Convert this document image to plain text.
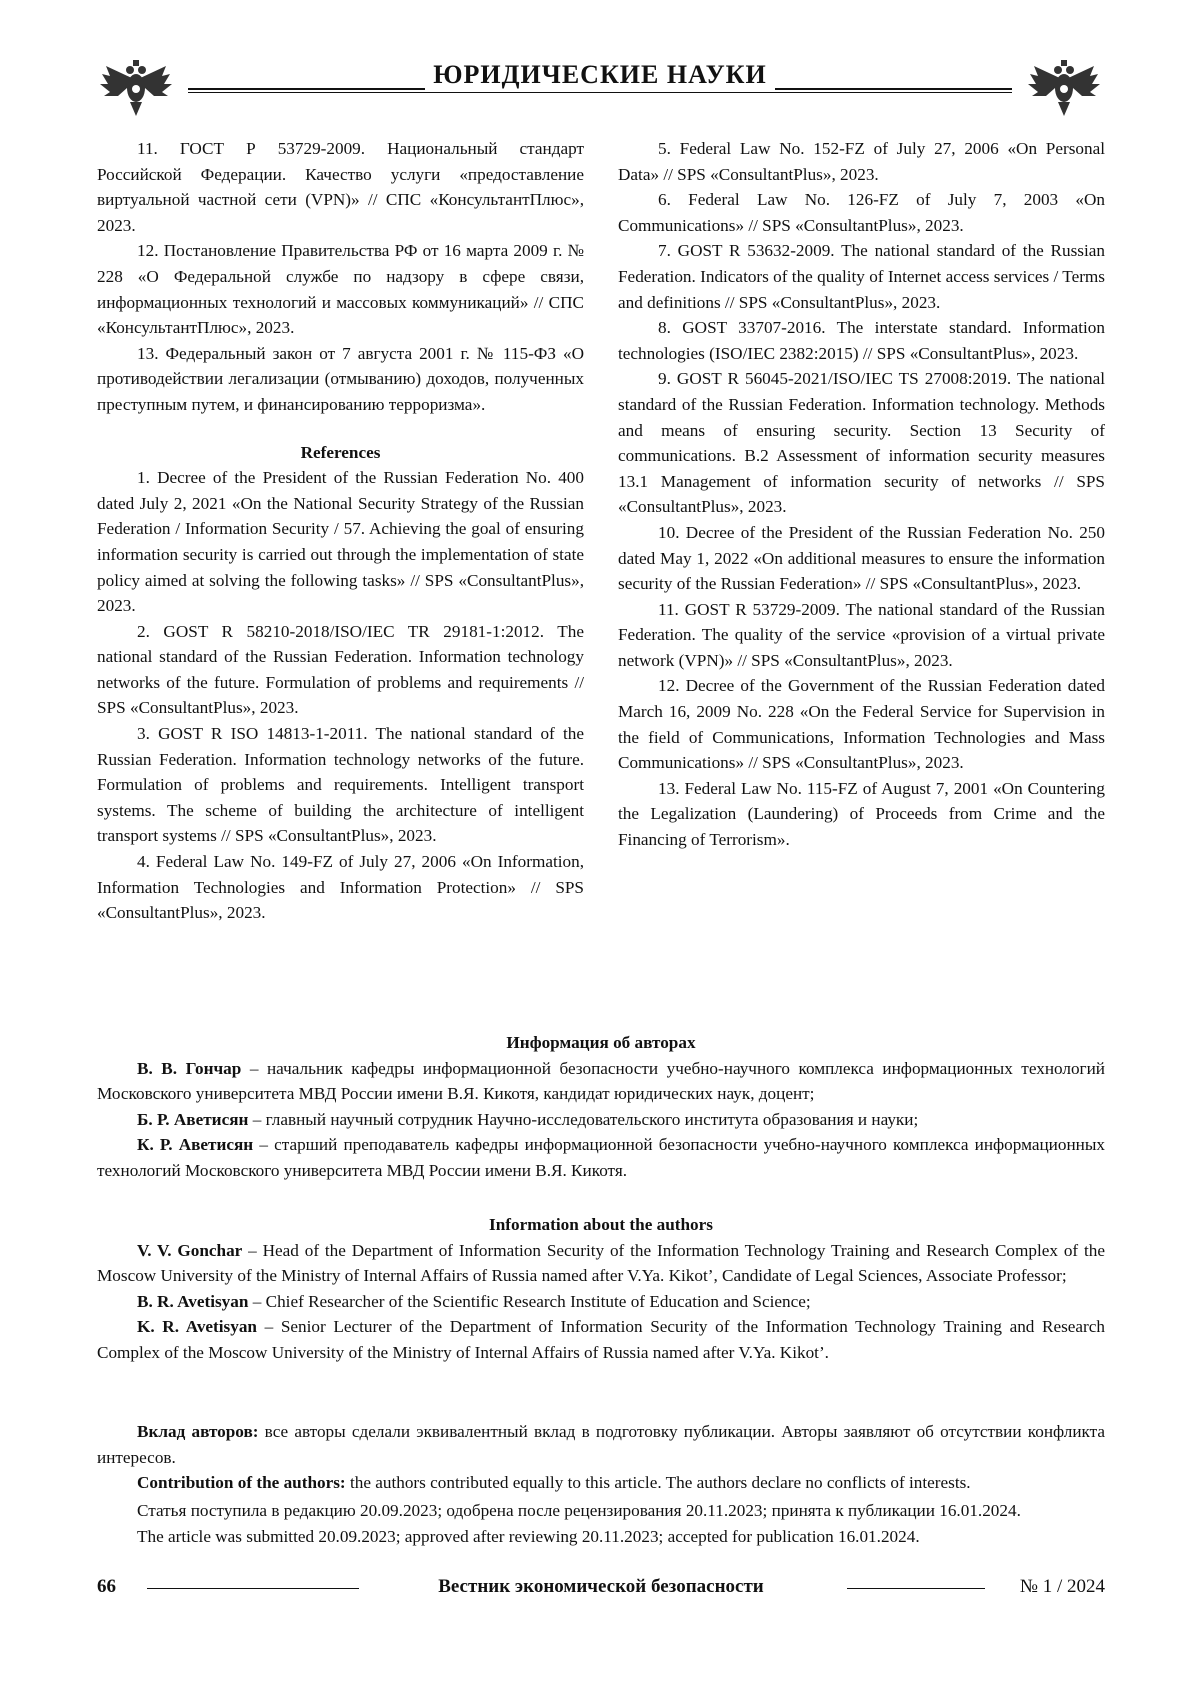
ЮРИДИЧЕСКИЕ НАУКИ

11. ГОСТ Р 53729-2009. Национальный стандарт Российской Федерации. Качество услуги «предоставление виртуальной частной сети (VPN)» // СПС «КонсультантПлюс», 2023.

12. Постановление Правительства РФ от 16 марта 2009 г. № 228 «О Федеральной службе по надзору в сфере связи, информационных технологий и массовых коммуникаций» // СПС «КонсультантПлюс», 2023.

13. Федеральный закон от 7 августа 2001 г. № 115-ФЗ «О противодействии легализации (отмыванию) доходов, полученных преступным путем, и финансированию терроризма».

References

1. Decree of the President of the Russian Federation No. 400 dated July 2, 2021 «On the National Security Strategy of the Russian Federation / Information Security / 57. Achieving the goal of ensuring information security is carried out through the implementation of state policy aimed at solving the following tasks» // SPS «ConsultantPlus», 2023.

2. GOST R 58210-2018/ISO/IEC TR 29181-1:2012. The national standard of the Russian Federation. Information technology networks of the future. Formulation of problems and requirements // SPS «ConsultantPlus», 2023.

3. GOST R ISO 14813-1-2011. The national standard of the Russian Federation. Information technology networks of the future. Formulation of problems and requirements. Intelligent transport systems. The scheme of building the architecture of intelligent transport systems // SPS «ConsultantPlus», 2023.

4. Federal Law No. 149-FZ of July 27, 2006 «On Information, Information Technologies and Information Protection» // SPS «ConsultantPlus», 2023.

5. Federal Law No. 152-FZ of July 27, 2006 «On Personal Data» // SPS «ConsultantPlus», 2023.

6. Federal Law No. 126-FZ of July 7, 2003 «On Communications» // SPS «ConsultantPlus», 2023.

7. GOST R 53632-2009. The national standard of the Russian Federation. Indicators of the quality of Internet access services / Terms and definitions // SPS «ConsultantPlus», 2023.

8. GOST 33707-2016. The interstate standard. Information technologies (ISO/IEC 2382:2015) // SPS «ConsultantPlus», 2023.

9. GOST R 56045-2021/ISO/IEC TS 27008:2019. The national standard of the Russian Federation. Information technology. Methods and means of ensuring security. Section 13 Security of communications. B.2 Assessment of information security measures 13.1 Management of information security of networks // SPS «ConsultantPlus», 2023.

10. Decree of the President of the Russian Federation No. 250 dated May 1, 2022 «On additional measures to ensure the information security of the Russian Federation» // SPS «ConsultantPlus», 2023.

11. GOST R 53729-2009. The national standard of the Russian Federation. The quality of the service «provision of a virtual private network (VPN)» // SPS «ConsultantPlus», 2023.

12. Decree of the Government of the Russian Federation dated March 16, 2009 No. 228 «On the Federal Service for Supervision in the field of Communications, Information Technologies and Mass Communications» // SPS «ConsultantPlus», 2023.

13. Federal Law No. 115-FZ of August 7, 2001 «On Countering the Legalization (Laundering) of Proceeds from Crime and the Financing of Terrorism».

Информация об авторах

В. В. Гончар – начальник кафедры информационной безопасности учебно-научного комплекса информационных технологий Московского университета МВД России имени В.Я. Кикотя, кандидат юридических наук, доцент;

Б. Р. Аветисян – главный научный сотрудник Научно-исследовательского института образования и науки;

К. Р. Аветисян – старший преподаватель кафедры информационной безопасности учебно-научного комплекса информационных технологий Московского университета МВД России имени В.Я. Кикотя.

Information about the authors

V. V. Gonchar – Head of the Department of Information Security of the Information Technology Training and Research Complex of the Moscow University of the Ministry of Internal Affairs of Russia named after V.Ya. Kikot’, Candidate of Legal Sciences, Associate Professor;

B. R. Avetisyan – Chief Researcher of the Scientific Research Institute of Education and Science;

K. R. Avetisyan – Senior Lecturer of the Department of Information Security of the Information Technology Training and Research Complex of the Moscow University of the Ministry of Internal Affairs of Russia named after V.Ya. Kikot’.

Вклад авторов: все авторы сделали эквивалентный вклад в подготовку публикации. Авторы заявляют об отсутствии конфликта интересов.

Contribution of the authors: the authors contributed equally to this article. The authors declare no conflicts of interests.

Статья поступила в редакцию 20.09.2023; одобрена после рецензирования 20.11.2023; принята к публикации 16.01.2024.

The article was submitted 20.09.2023; approved after reviewing 20.11.2023; accepted for publication 16.01.2024.

66	Вестник экономической безопасности	№ 1 / 2024
